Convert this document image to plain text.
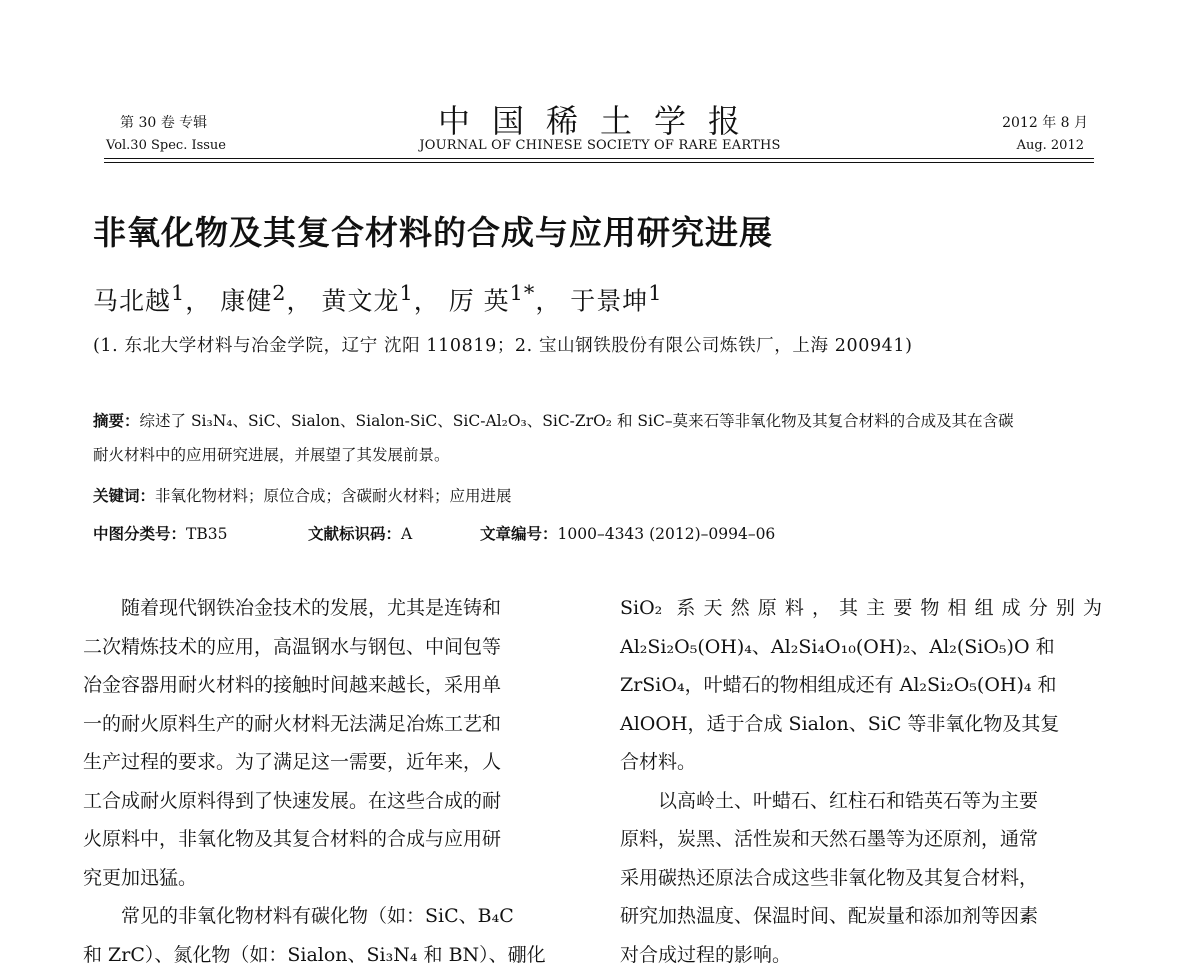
第 30 卷 专辑
Vol.30 Spec. Issue
中国稀土学报
JOURNAL OF CHINESE SOCIETY OF RARE EARTHS
2012 年 8 月
Aug. 2012
非氧化物及其复合材料的合成与应用研究进展
马北越$^1$， 康健$^2$， 黄文龙$^1$， 厉 英$^{1*}$， 于景坤$^1$
(1. 东北大学材料与冶金学院，辽宁 沈阳 110819；2. 宝山钢铁股份有限公司炼铁厂，上海 200941)
摘要：综述了 Si₃N₄、SiC、Sialon、Sialon-SiC、SiC-Al₂O₃、SiC-ZrO₂ 和 SiC–莫来石等非氧化物及其复合材料的合成及其在含碳
耐火材料中的应用研究进展，并展望了其发展前景。
关键词：非氧化物材料；原位合成；含碳耐火材料；应用进展
中图分类号：TB35	文献标识码：A	文章编号：1000–4343 (2012)–0994–06

随着现代钢铁冶金技术的发展，尤其是连铸和

二次精炼技术的应用，高温钢水与钢包、中间包等

冶金容器用耐火材料的接触时间越来越长，采用单

一的耐火原料生产的耐火材料无法满足冶炼工艺和

生产过程的要求。为了满足这一需要，近年来，人

工合成耐火原料得到了快速发展。在这些合成的耐

火原料中，非氧化物及其复合材料的合成与应用研

究更加迅猛。

常见的非氧化物材料有碳化物（如：SiC、B₄C

和 ZrC）、氮化物（如：Sialon、Si₃N₄ 和 BN）、硼化

SiO₂ 系天然原料，其主要物相组成分别为

Al₂Si₂O₅(OH)₄、Al₂Si₄O₁₀(OH)₂、Al₂(SiO₅)O 和

ZrSiO₄，叶蜡石的物相组成还有 Al₂Si₂O₅(OH)₄ 和

AlOOH，适于合成 Sialon、SiC 等非氧化物及其复

合材料。

以高岭土、叶蜡石、红柱石和锆英石等为主要

原料，炭黑、活性炭和天然石墨等为还原剂，通常

采用碳热还原法合成这些非氧化物及其复合材料，

研究加热温度、保温时间、配炭量和添加剂等因素

对合成过程的影响。
